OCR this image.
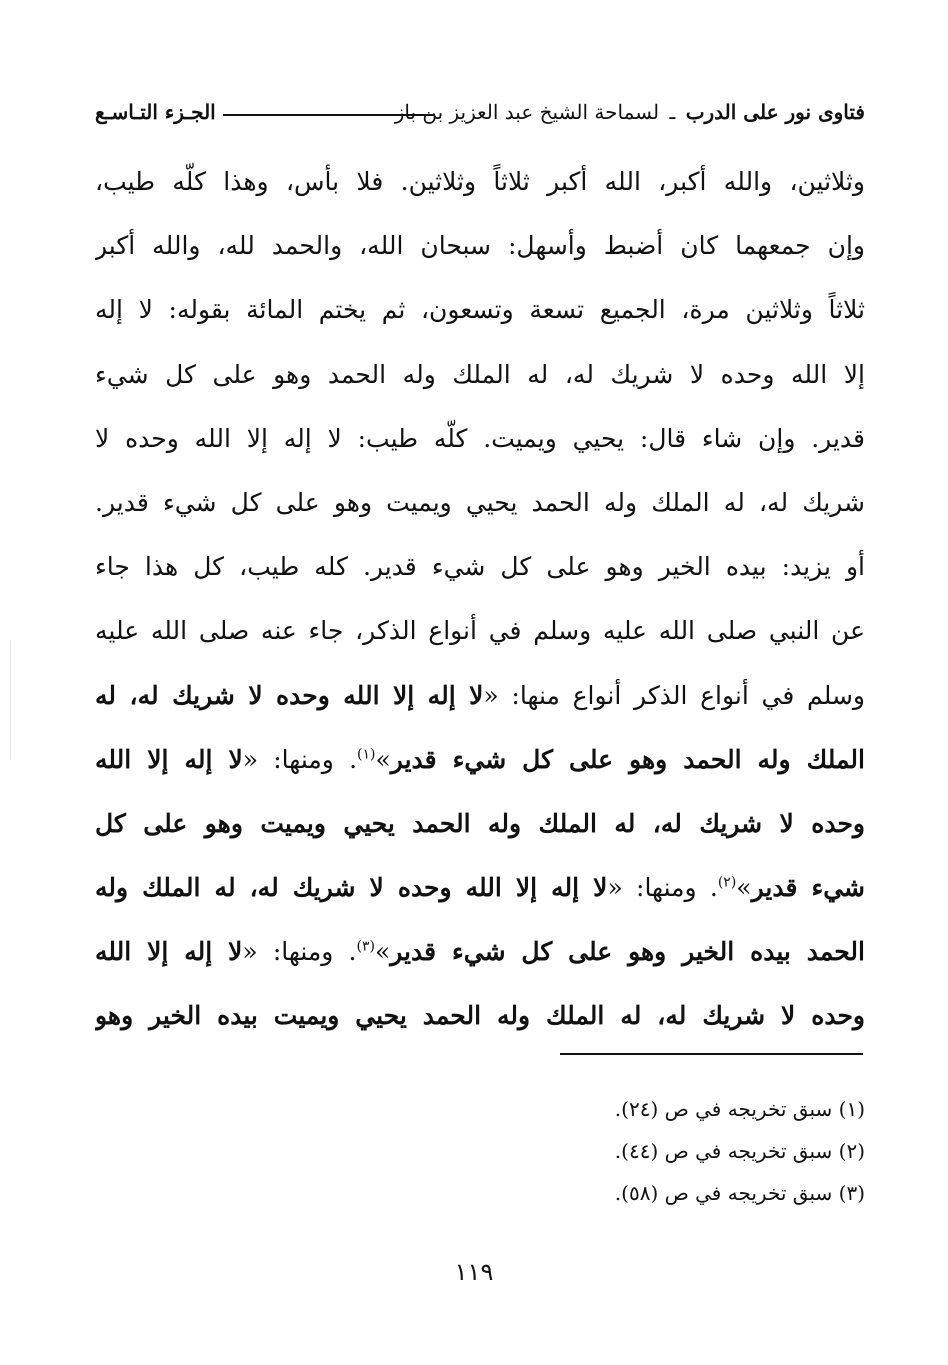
فتاوى نور على الدرب ـ لسماحة الشيخ عبد العزيز بن باز
الجـزء التـاسـع
وثلاثين، والله أكبر، الله أكبر ثلاثاً وثلاثين. فلا بأس، وهذا كلّه طيب،
وإن جمعهما كان أضبط وأسهل: سبحان الله، والحمد لله، والله أكبر
ثلاثاً وثلاثين مرة، الجميع تسعة وتسعون، ثم يختم المائة بقوله: لا إله
إلا الله وحده لا شريك له، له الملك وله الحمد وهو على كل شيء
قدير. وإن شاء قال: يحيي ويميت. كلّه طيب: لا إله إلا الله وحده لا
شريك له، له الملك وله الحمد يحيي ويميت وهو على كل شيء قدير.
أو يزيد: بيده الخير وهو على كل شيء قدير. كله طيب، كل هذا جاء
عن النبي صلى الله عليه وسلم في أنواع الذكر، جاء عنه صلى الله عليه
وسلم في أنواع الذكر أنواع منها: «لا إله إلا الله وحده لا شريك له، له
الملك وله الحمد وهو على كل شيء قدير»$^{(١)}$. ومنها: «لا إله إلا الله
وحده لا شريك له، له الملك وله الحمد يحيي ويميت وهو على كل
شيء قدير»$^{(٢)}$. ومنها: «لا إله إلا الله وحده لا شريك له، له الملك وله
الحمد بيده الخير وهو على كل شيء قدير»$^{(٣)}$. ومنها: «لا إله إلا الله
وحده لا شريك له، له الملك وله الحمد يحيي ويميت بيده الخير وهو
(١) سبق تخريجه في ص (٢٤).
(٢) سبق تخريجه في ص (٤٤).
(٣) سبق تخريجه في ص (٥٨).
١١٩
